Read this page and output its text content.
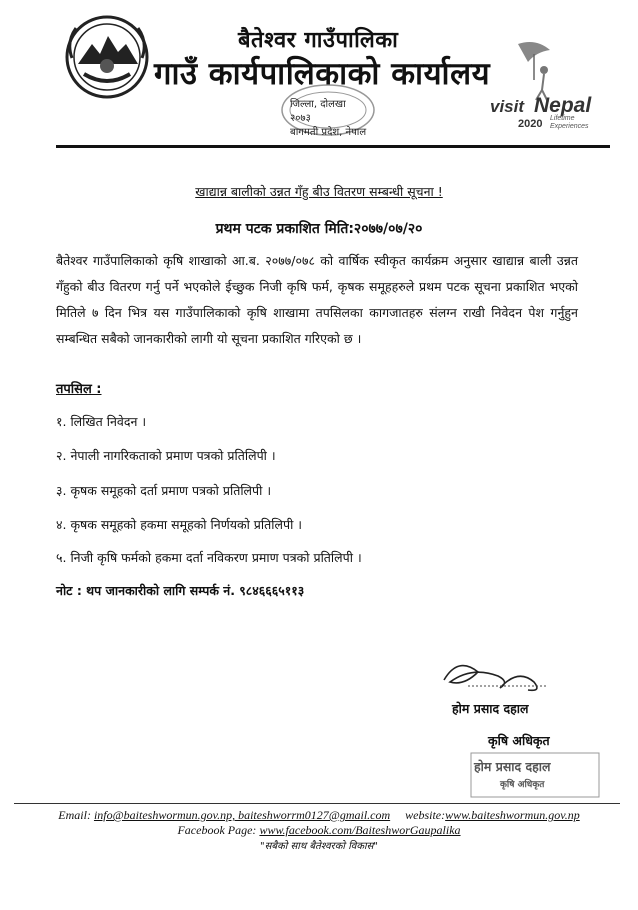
बैतेश्वर गाउँपालिका
गाउँ कार्यपालिकाको कार्यालय
जिल्ला, दोलखा
२०७३
बागमती प्रदेश, नेपाल
visit Nepal
2020 Lifetime
Experiences
खाद्यान्न बालीको उन्नत गँहु बीउ वितरण सम्बन्धी सूचना !
प्रथम पटक प्रकाशित मिति:२०७७/०७/२०
बैतेश्वर गाउँपालिकाको कृषि शाखाको आ.ब. २०७७/०७८ को वार्षिक स्वीकृत कार्यक्रम अनुसार खाद्यान्न बाली उन्नत गँहुको बीउ वितरण गर्नु पर्ने भएकोले ईच्छुक निजी कृषि फर्म, कृषक समूहहरुले प्रथम पटक सूचना प्रकाशित भएको मितिले ७ दिन भित्र यस गाउँपालिकाको कृषि शाखामा तपसिलका कागजातहरु संलग्न राखी निवेदन पेश गर्नुहुन सम्बन्धित सबैको जानकारीको लागी यो सूचना प्रकाशित गरिएको छ ।
तपसिल :
१. लिखित निवेदन ।
२. नेपाली नागरिकताको प्रमाण पत्रको प्रतिलिपी ।
३. कृषक समूहको दर्ता प्रमाण पत्रको प्रतिलिपी ।
४. कृषक समूहको हकमा समूहको निर्णयको प्रतिलिपी ।
५. निजी कृषि फर्मको हकमा दर्ता नविकरण प्रमाण पत्रको प्रतिलिपी ।
नोट : थप जानकारीको लागि सम्पर्क नं. ९८४६६६५११३
होम प्रसाद दहाल
कृषि अधिकृत
होम प्रसाद दहाल
कृषि अधिकृत
Email: info@baiteshwormun.gov.np, baiteshworrm0127@gmail.com website:www.baiteshwormun.gov.np
Facebook Page: www.facebook.com/BaiteshworGaupalika
"सबैको साथ बैतेश्वरको विकास"
